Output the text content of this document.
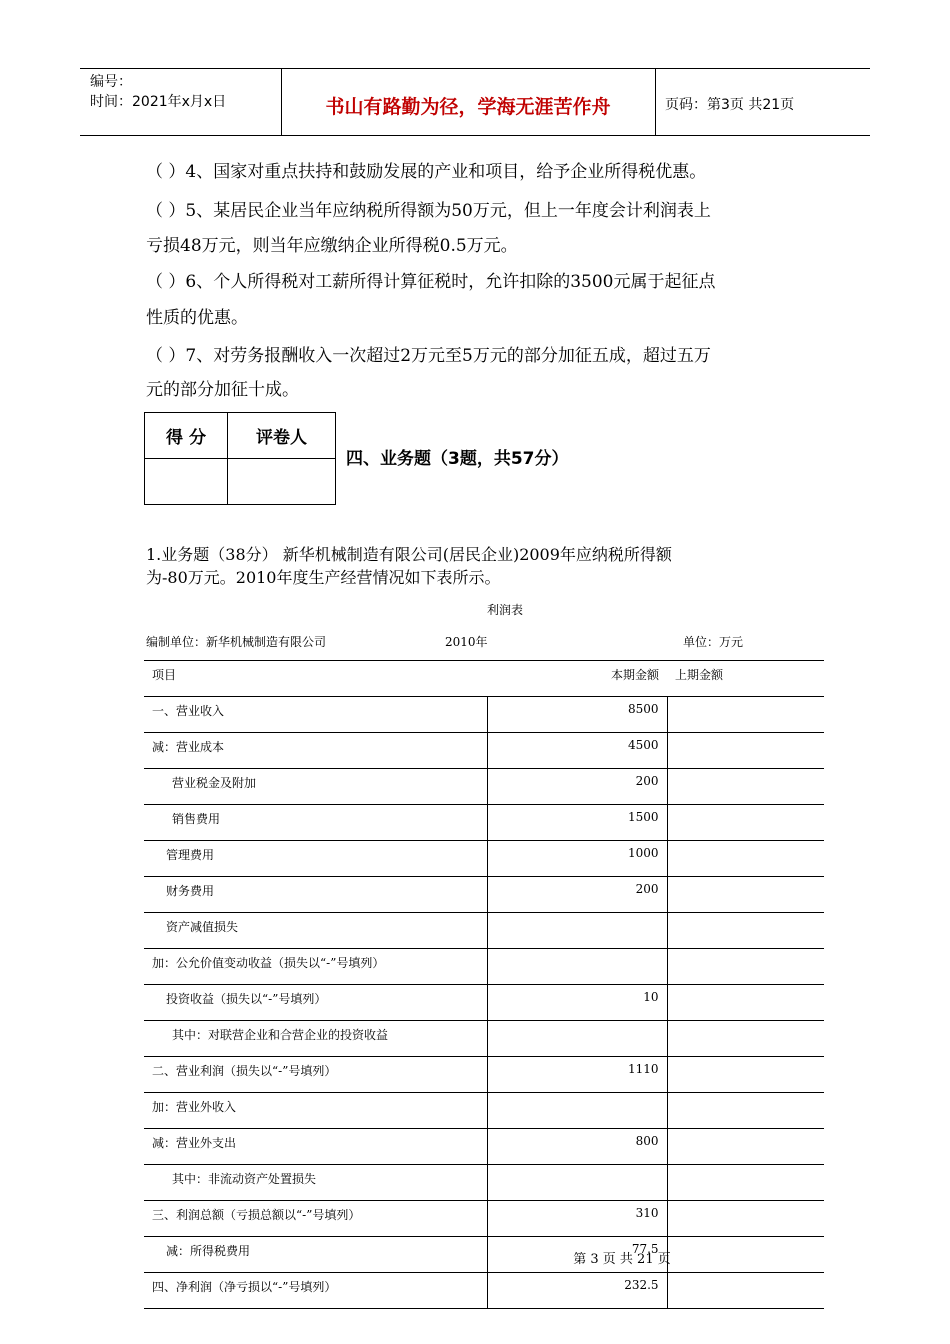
编号：
时间：2021年x月x日	书山有路勤为径，学海无涯苦作舟	页码：第3页 共21页
（ ）4、国家对重点扶持和鼓励发展的产业和项目，给予企业所得税优惠。
（ ）5、某居民企业当年应纳税所得额为50万元，但上一年度会计利润表上
亏损48万元，则当年应缴纳企业所得税0.5万元。
（ ）6、个人所得税对工薪所得计算征税时，允许扣除的3500元属于起征点
性质的优惠。
（ ）7、对劳务报酬收入一次超过2万元至5万元的部分加征五成，超过五万
元的部分加征十成。
得 分	评卷人

四、业务题（3题，共57分）
1.业务题（38分） 新华机械制造有限公司(居民企业)2009年应纳税所得额
为-80万元。2010年度生产经营情况如下表所示。
利润表
编制单位：新华机械制造有限公司	2010年	单位：万元
项目	本期金额	上期金额
一、营业收入	8500	
减：营业成本	4500	
营业税金及附加	200	
销售费用	1500	
管理费用	1000	
财务费用	200	
资产减值损失		
加：公允价值变动收益（损失以“-”号填列）		
投资收益（损失以“-”号填列）	10	
其中：对联营企业和合营企业的投资收益		
二、营业利润（损失以“-”号填列）	1110	
加：营业外收入		
减：营业外支出	800	
其中：非流动资产处置损失		
三、利润总额（亏损总额以“-”号填列）	310	
减：所得税费用	77.5	
四、净利润（净亏损以“-”号填列）	232.5	
第 3 页 共 21 页
